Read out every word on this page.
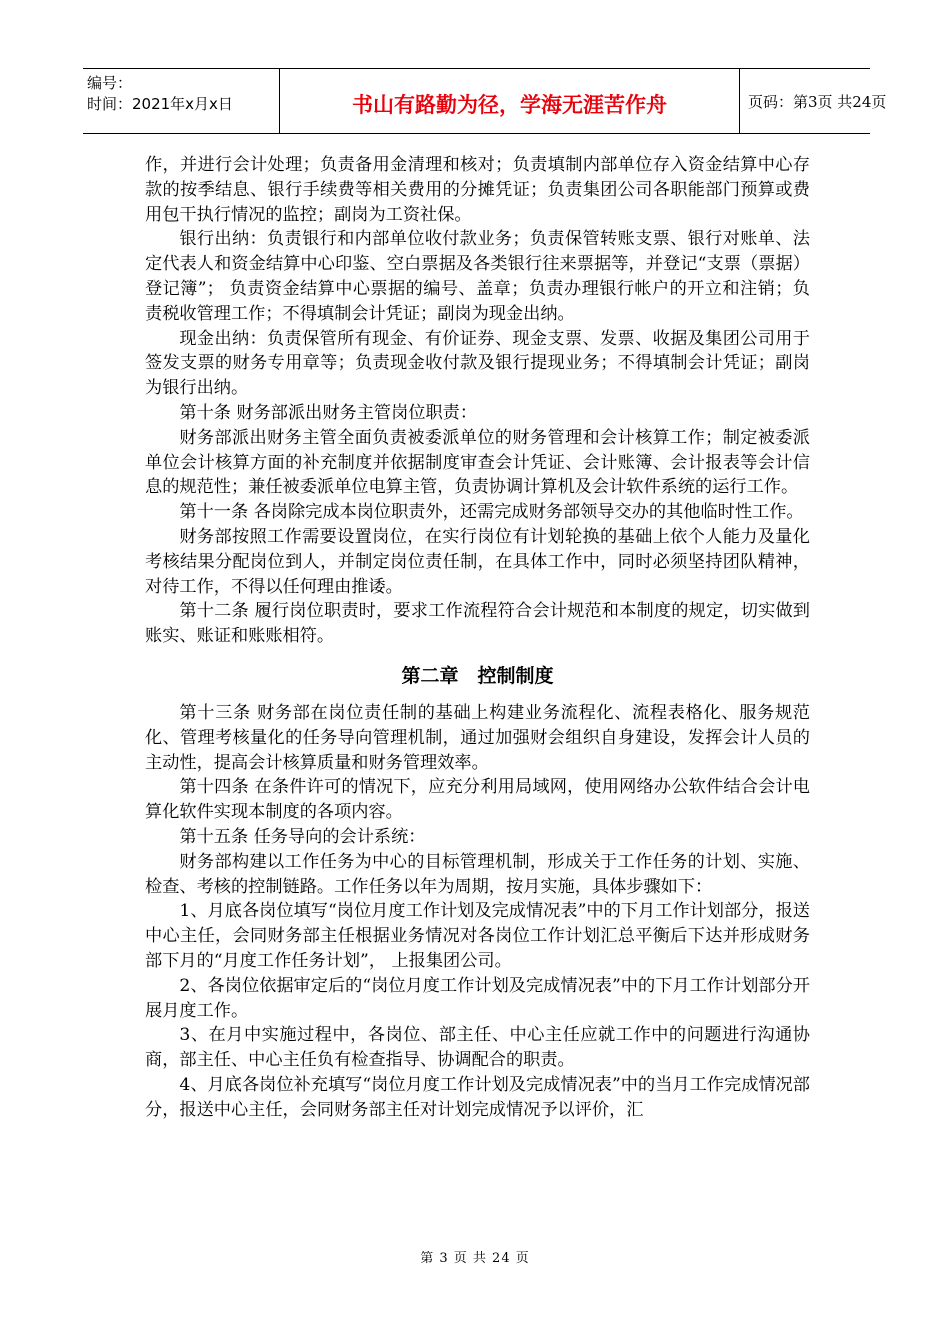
编号：
时间：2021年x月x日	书山有路勤为径，学海无涯苦作舟	页码：第3页 共24页

作，并进行会计处理；负责备用金清理和核对；负责填制内部单位存入资金结算中心存款的按季结息、银行手续费等相关费用的分摊凭证；负责集团公司各职能部门预算或费用包干执行情况的监控；副岗为工资社保。

银行出纳：负责银行和内部单位收付款业务；负责保管转账支票、银行对账单、法定代表人和资金结算中心印鉴、空白票据及各类银行往来票据等，并登记“支票（票据）登记簿”； 负责资金结算中心票据的编号、盖章；负责办理银行帐户的开立和注销；负责税收管理工作；不得填制会计凭证；副岗为现金出纳。

现金出纳：负责保管所有现金、有价证券、现金支票、发票、收据及集团公司用于签发支票的财务专用章等；负责现金收付款及银行提现业务；不得填制会计凭证；副岗为银行出纳。

第十条 财务部派出财务主管岗位职责：

财务部派出财务主管全面负责被委派单位的财务管理和会计核算工作；制定被委派单位会计核算方面的补充制度并依据制度审查会计凭证、会计账簿、会计报表等会计信息的规范性；兼任被委派单位电算主管，负责协调计算机及会计软件系统的运行工作。

第十一条 各岗除完成本岗位职责外，还需完成财务部领导交办的其他临时性工作。

财务部按照工作需要设置岗位，在实行岗位有计划轮换的基础上依个人能力及量化考核结果分配岗位到人，并制定岗位责任制，在具体工作中，同时必须坚持团队精神，对待工作，不得以任何理由推诿。

第十二条 履行岗位职责时，要求工作流程符合会计规范和本制度的规定，切实做到账实、账证和账账相符。

第二章　控制制度

第十三条 财务部在岗位责任制的基础上构建业务流程化、流程表格化、服务规范化、管理考核量化的任务导向管理机制，通过加强财会组织自身建设，发挥会计人员的主动性，提高会计核算质量和财务管理效率。

第十四条 在条件许可的情况下，应充分利用局域网，使用网络办公软件结合会计电算化软件实现本制度的各项内容。

第十五条 任务导向的会计系统：

财务部构建以工作任务为中心的目标管理机制，形成关于工作任务的计划、实施、检查、考核的控制链路。工作任务以年为周期，按月实施，具体步骤如下：

1、月底各岗位填写“岗位月度工作计划及完成情况表”中的下月工作计划部分，报送中心主任，会同财务部主任根据业务情况对各岗位工作计划汇总平衡后下达并形成财务部下月的“月度工作任务计划”， 上报集团公司。

2、各岗位依据审定后的“岗位月度工作计划及完成情况表”中的下月工作计划部分开展月度工作。

3、在月中实施过程中，各岗位、部主任、中心主任应就工作中的问题进行沟通协商，部主任、中心主任负有检查指导、协调配合的职责。

4、月底各岗位补充填写“岗位月度工作计划及完成情况表”中的当月工作完成情况部分，报送中心主任，会同财务部主任对计划完成情况予以评价，汇

第 3 页 共 24 页
